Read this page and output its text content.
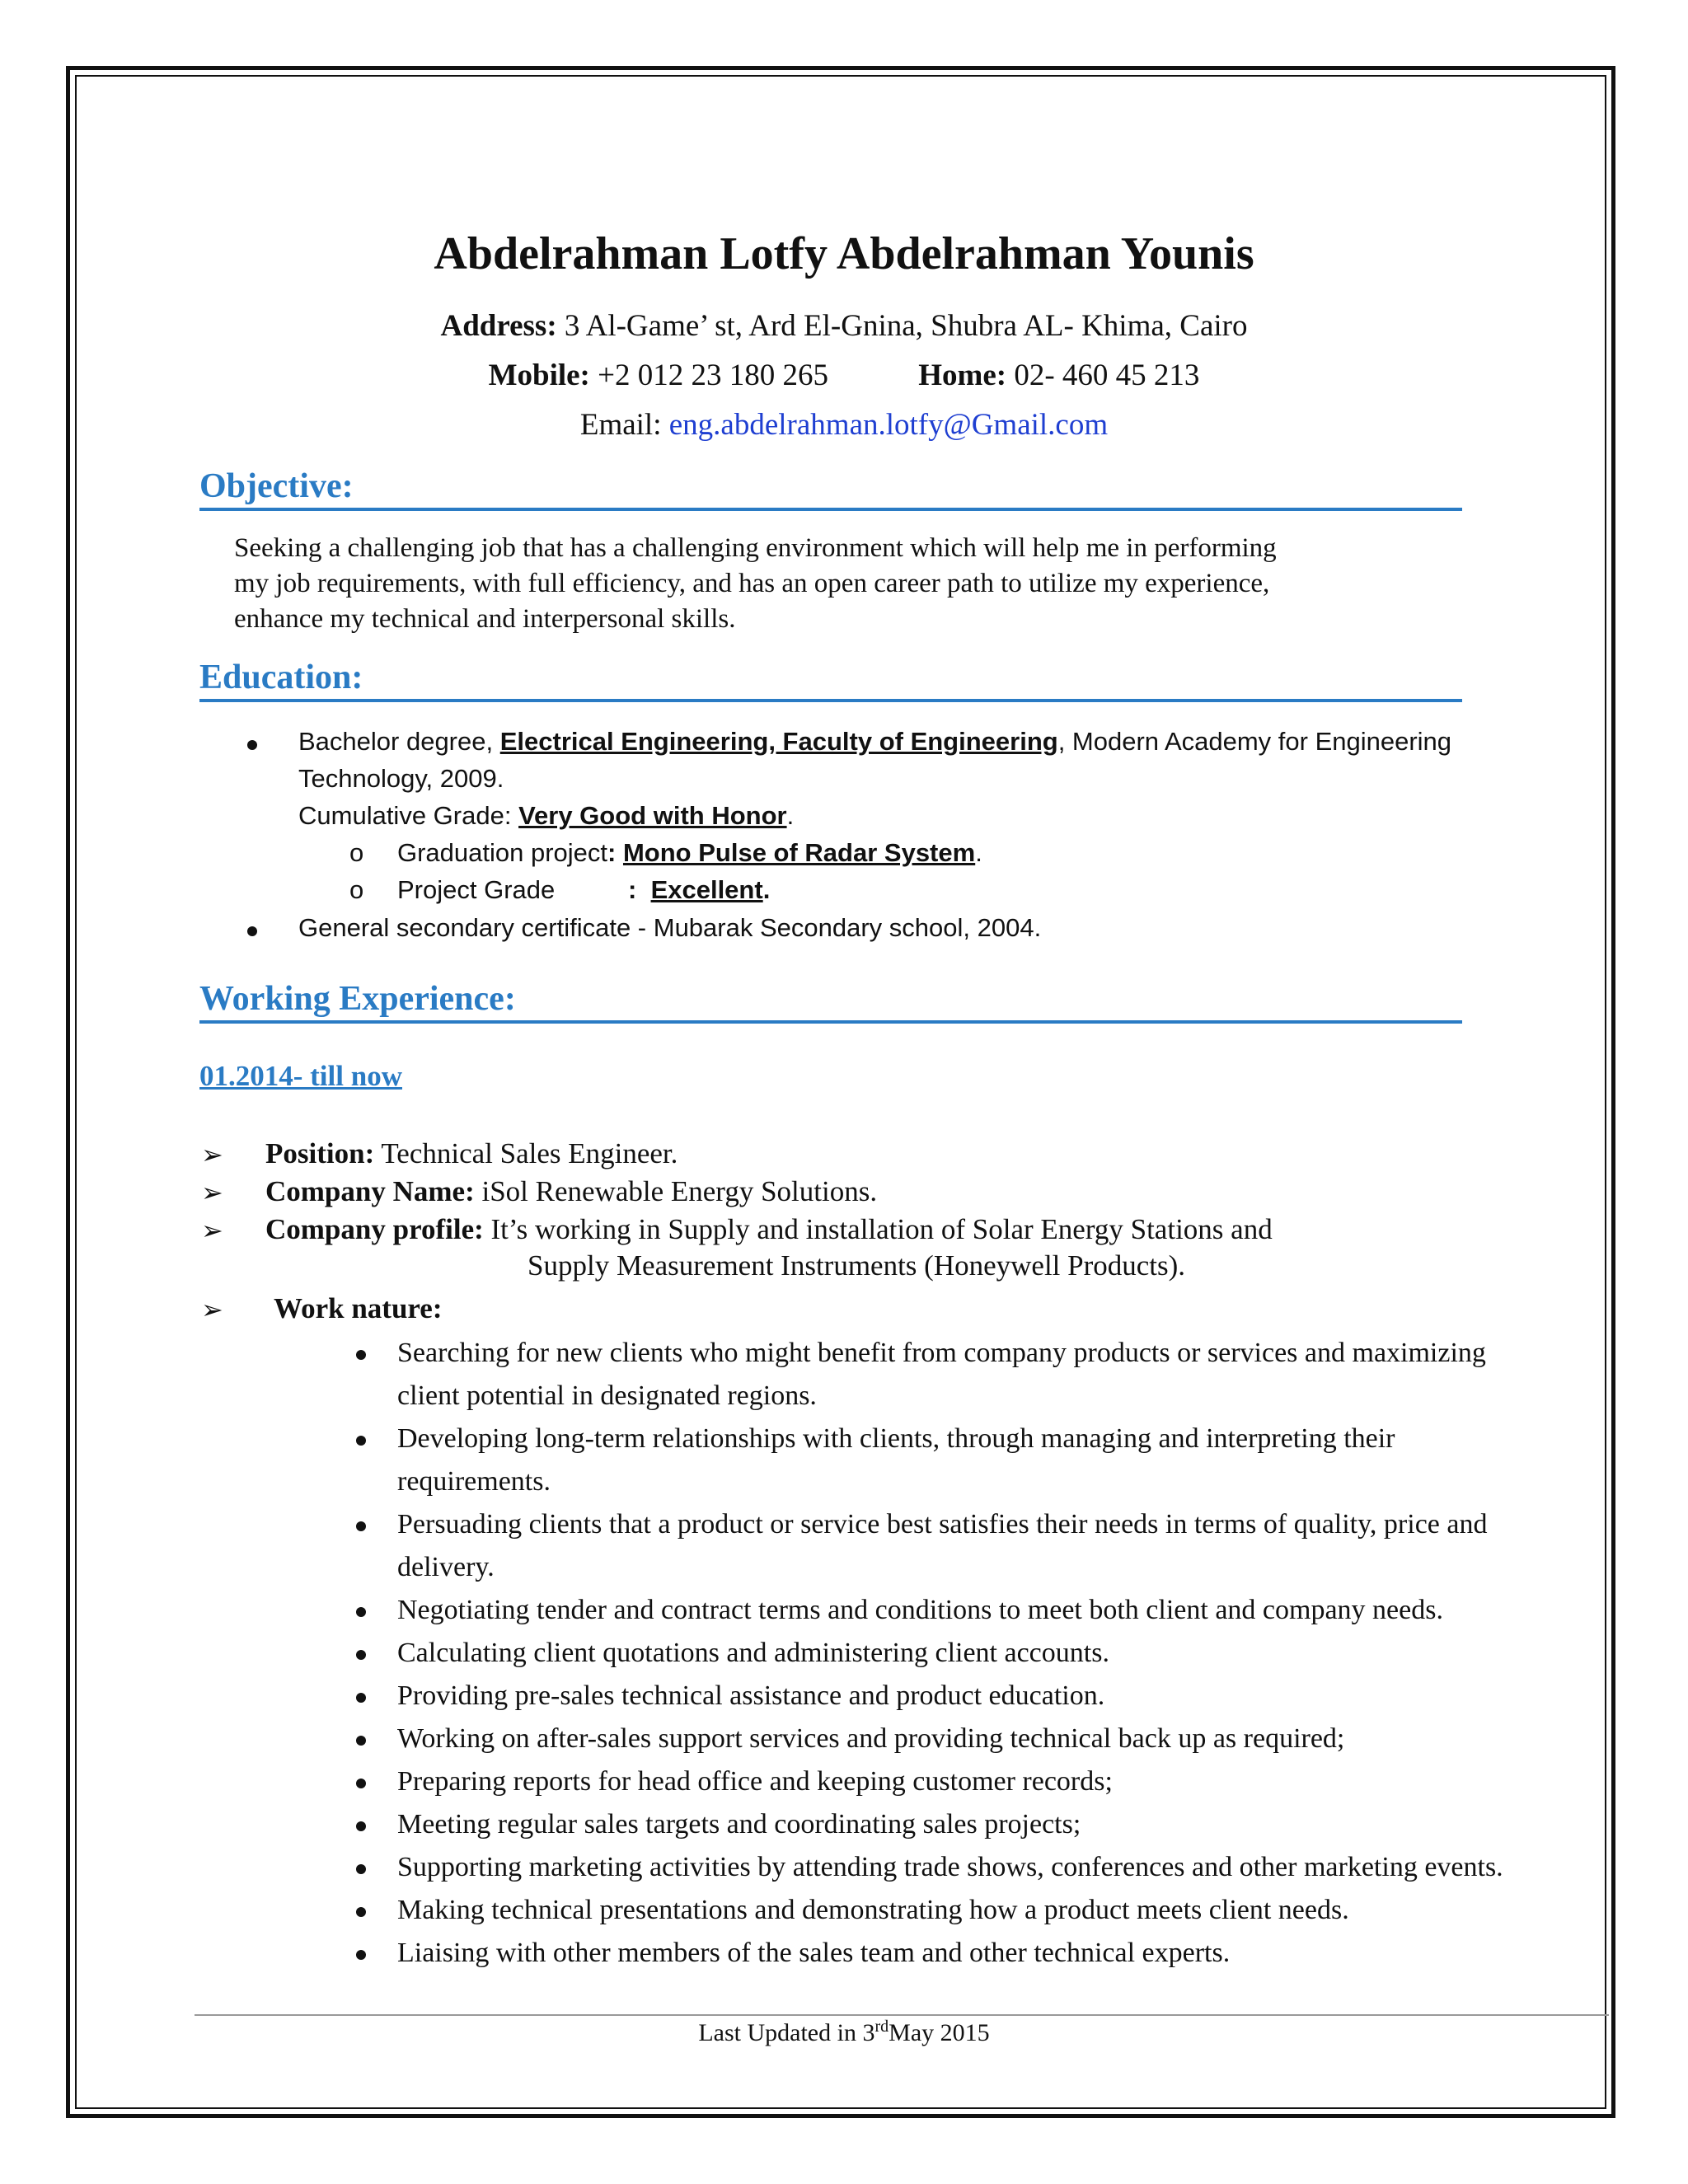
Abdelrahman Lotfy Abdelrahman Younis
Address: 3 Al-Game’ st, Ard El-Gnina, Shubra AL- Khima, Cairo
Mobile: +2 012 23 180 265	Home: 02- 460 45 213
Email: eng.abdelrahman.lotfy@Gmail.com
Objective:
Seeking a challenging job that has a challenging environment which will help me in performing
my job requirements, with full efficiency, and has an open career path to utilize my experience,
enhance my technical and interpersonal skills.
Education:
Bachelor degree, Electrical Engineering, Faculty of Engineering, Modern Academy for Engineering
Technology, 2009.
Cumulative Grade: Very Good with Honor.
o Graduation project: Mono Pulse of Radar System.
o Project Grade	: Excellent.
General secondary certificate - Mubarak Secondary school, 2004.
Working Experience:
01.2014- till now
➢ Position: Technical Sales Engineer.
➢ Company Name: iSol Renewable Energy Solutions.
➢ Company profile: It’s working in Supply and installation of Solar Energy Stations and
Supply Measurement Instruments (Honeywell Products).
➢ Work nature:
Searching for new clients who might benefit from company products or services and maximizing
client potential in designated regions.
Developing long-term relationships with clients, through managing and interpreting their
requirements.
Persuading clients that a product or service best satisfies their needs in terms of quality, price and
delivery.
Negotiating tender and contract terms and conditions to meet both client and company needs.
Calculating client quotations and administering client accounts.
Providing pre-sales technical assistance and product education.
Working on after-sales support services and providing technical back up as required;
Preparing reports for head office and keeping customer records;
Meeting regular sales targets and coordinating sales projects;
Supporting marketing activities by attending trade shows, conferences and other marketing events.
Making technical presentations and demonstrating how a product meets client needs.
Liaising with other members of the sales team and other technical experts.
Last Updated in 3rdMay 2015
